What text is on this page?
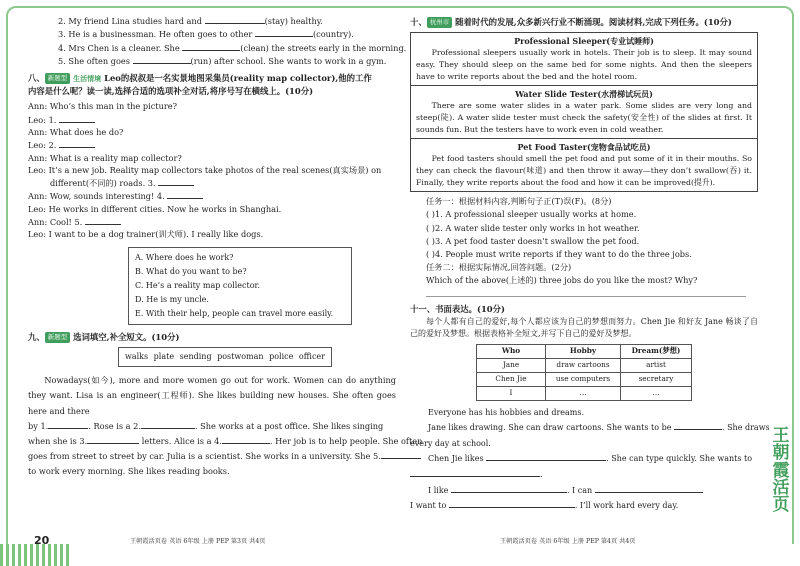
2. My friend Lina studies hard and	(stay) healthy.
3. He is a businessman. He often goes to other	(country).
4. Mrs Chen is a cleaner. She	(clean) the streets early in the morning.
5. She often goes	(run) after school. She wants to work in a gym.
八、 新题型 生活情境 Leo的叔叔是一名实景地图采集员(reality map collector),他的工作
内容是什么呢？读一读,选择合适的选项补全对话,将序号写在横线上。(10分)
Ann: Who’s this man in the picture?
Leo: 1.
Ann: What does he do?
Leo: 2.
Ann: What is a reality map collector?
Leo: It’s a new job. Reality map collectors take photos of the real scenes(真实场景) on
different(不同的) roads. 3.
Ann: Wow, sounds interesting! 4.
Leo: He works in different cities. Now he works in Shanghai.
Ann: Cool! 5.
Leo: I want to be a dog trainer(训犬师). I really like dogs.
A. Where does he work?
B. What do you want to be?
C. He’s a reality map collector.
D. He is my uncle.
E. With their help, people can travel more easily.
九、 新题型 选词填空,补全短文。(10分)
walks plate sending postwoman police officer
Nowadays(如今), more and more women go out for work. Women can do anything they want. Lisa is an engineer(工程师). She likes building new houses. She often goes here and there
by 1.	. Rose is a 2.	. She works at a post office. She likes singing
when she is 3.	letters. Alice is a 4.	. Her job is to help people. She often
goes from street to street by car. Julia is a scientist. She works in a university. She 5.
to work every morning. She likes reading books.
20	王朝霞活页卷 英语 6年级 上册 PEP 第3页 共4页
十、 杭州市 随着时代的发展,众多新兴行业不断涌现。阅读材料,完成下列任务。(10分)
Professional Sleeper(专业试睡师)
Professional sleepers usually work in hotels. Their job is to sleep. It may sound easy. They should sleep on the same bed for some nights. And then the sleepers have to write reports about the bed and the hotel room.
Water Slide Tester(水滑梯试玩员)
There are some water slides in a water park. Some slides are very long and steep(陡). A water slide tester must check the safety(安全性) of the slides at first. It sounds fun. But the testers have to work even in cold weather.
Pet Food Taster(宠物食品试吃员)
Pet food tasters should smell the pet food and put some of it in their mouths. So they can check the flavour(味道) and then throw it away—they don’t swallow(吞) it. Finally, they write reports about the food and how it can be improved(提升).
任务一：根据材料内容,判断句子正(T)误(F)。(8分)
( )1. A professional sleeper usually works at home.
( )2. A water slide tester only works in hot weather.
( )3. A pet food taster doesn’t swallow the pet food.
( )4. People must write reports if they want to do the three jobs.
任务二：根据实际情况,回答问题。(2分)
Which of the above(上述的) three jobs do you like the most? Why?
十一、书面表达。(10分)
每个人都有自己的爱好,每个人都应该为自己的梦想而努力。Chen Jie 和好友 Jane 畅谈了自己的爱好及梦想。根据表格补全短文,并写下自己的爱好及梦想。
Who	Hobby	Dream(梦想)
Jane	draw cartoons	artist
Chen Jie	use computers	secretary
I	...	...
Everyone has his hobbies and dreams.
Jane likes drawing. She can draw cartoons. She wants to be	. She draws
every day at school.
Chen Jie likes	. She can type quickly. She wants to
.
I like	. I can
I want to	. I’ll work hard every day.
王朝霞活页卷 英语 6年级 上册 PEP 第4页 共4页
王朝霞活页
